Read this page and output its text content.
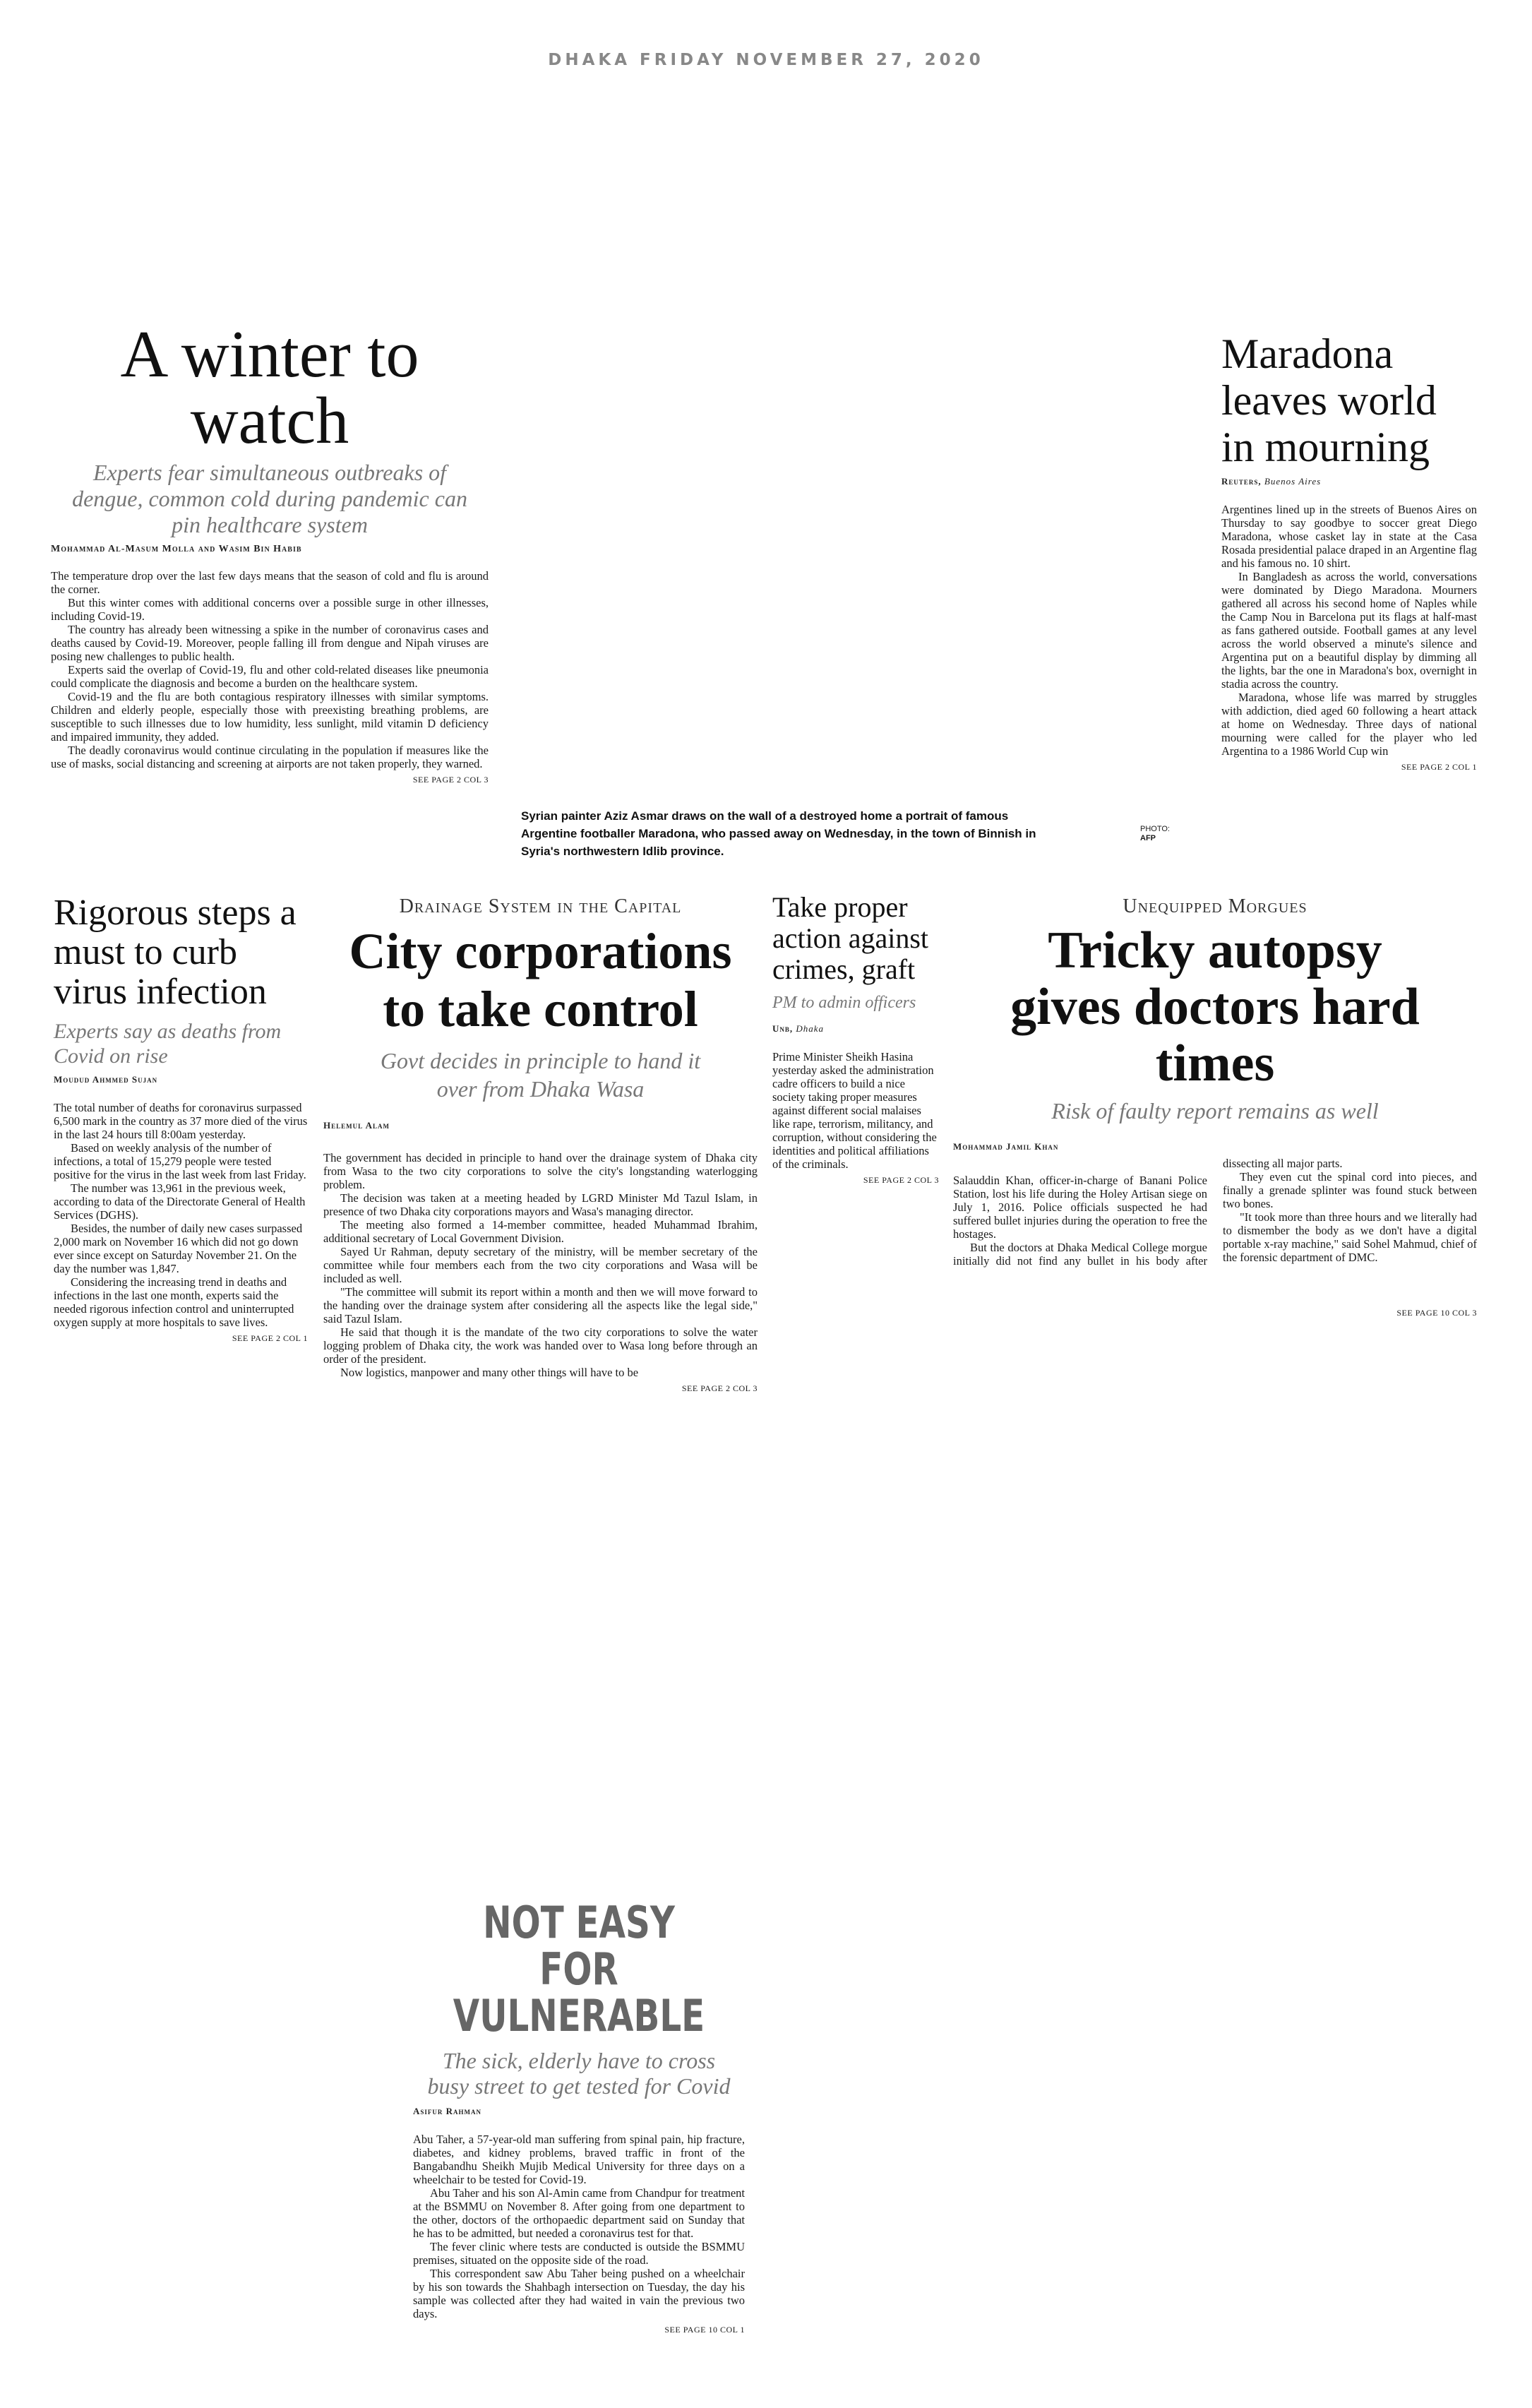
DHAKA FRIDAY NOVEMBER 27, 2020
A winter to watch

Experts fear simultaneous outbreaks of dengue, common cold during pandemic can pin healthcare system

Mohammad Al-Masum Molla and Wasim Bin Habib

The temperature drop over the last few days means that the season of cold and flu is around the corner.

But this winter comes with additional concerns over a possible surge in other illnesses, including Covid-19.

The country has already been witnessing a spike in the number of coronavirus cases and deaths caused by Covid-19. Moreover, people falling ill from dengue and Nipah viruses are posing new challenges to public health.

Experts said the overlap of Covid-19, flu and other cold-related diseases like pneumonia could complicate the diagnosis and become a burden on the healthcare system.

Covid-19 and the flu are both contagious respiratory illnesses with similar symptoms. Children and elderly people, especially those with preexisting breathing problems, are susceptible to such illnesses due to low humidity, less sunlight, mild vitamin D deficiency and impaired immunity, they added.

The deadly coronavirus would continue circulating in the population if measures like the use of masks, social distancing and screening at airports are not taken properly, they warned.

SEE PAGE 2 COL 3
Syrian painter Aziz Asmar draws on the wall of a destroyed home a portrait of famous Argentine footballer Maradona, who passed away on Wednesday, in the town of Binnish in Syria's northwestern Idlib province.
PHOTO:
AFP
Maradona leaves world in mourning

Reuters, Buenos Aires

Argentines lined up in the streets of Buenos Aires on Thursday to say goodbye to soccer great Diego Maradona, whose casket lay in state at the Casa Rosada presidential palace draped in an Argentine flag and his famous no. 10 shirt.

In Bangladesh as across the world, conversations were dominated by Diego Maradona. Mourners gathered all across his second home of Naples while the Camp Nou in Barcelona put its flags at half-mast as fans gathered outside. Football games at any level across the world observed a minute's silence and Argentina put on a beautiful display by dimming all the lights, bar the one in Maradona's box, overnight in stadia across the country.

Maradona, whose life was marred by struggles with addiction, died aged 60 following a heart attack at home on Wednesday. Three days of national mourning were called for the player who led Argentina to a 1986 World Cup win

SEE PAGE 2 COL 1
Rigorous steps a must to curb virus infection

Experts say as deaths from Covid on rise

Moudud Ahmmed Sujan

The total number of deaths for coronavirus surpassed 6,500 mark in the country as 37 more died of the virus in the last 24 hours till 8:00am yesterday.

Based on weekly analysis of the number of infections, a total of 15,279 people were tested positive for the virus in the last week from last Friday.

The number was 13,961 in the previous week, according to data of the Directorate General of Health Services (DGHS).

Besides, the number of daily new cases surpassed 2,000 mark on November 16 which did not go down ever since except on Saturday November 21. On the day the number was 1,847.

Considering the increasing trend in deaths and infections in the last one month, experts said the needed rigorous infection control and uninterrupted oxygen supply at more hospitals to save lives.

SEE PAGE 2 COL 1
Drainage System in the Capital
City corporations to take control

Govt decides in principle to hand it over from Dhaka Wasa

Helemul Alam

The government has decided in principle to hand over the drainage system of Dhaka city from Wasa to the two city corporations to solve the city's longstanding waterlogging problem.

The decision was taken at a meeting headed by LGRD Minister Md Tazul Islam, in presence of two Dhaka city corporations mayors and Wasa's managing director.

The meeting also formed a 14-member committee, headed Muhammad Ibrahim, additional secretary of Local Government Division.

Sayed Ur Rahman, deputy secretary of the ministry, will be member secretary of the committee while four members each from the two city corporations and Wasa will be included as well.

"The committee will submit its report within a month and then we will move forward to the handing over the drainage system after considering all the aspects like the legal side," said Tazul Islam.

He said that though it is the mandate of the two city corporations to solve the water logging problem of Dhaka city, the work was handed over to Wasa long before through an order of the president.

Now logistics, manpower and many other things will have to be

SEE PAGE 2 COL 3
Take proper action against crimes, graft

PM to admin officers

Unb, Dhaka

Prime Minister Sheikh Hasina yesterday asked the administration cadre officers to build a nice society taking proper measures against different social malaises like rape, terrorism, militancy, and corruption, without considering the identities and political affiliations of the criminals.

SEE PAGE 2 COL 3
Unequipped Morgues
Tricky autopsy gives doctors hard times

Risk of faulty report remains as well

Mohammad Jamil Khan

Salauddin Khan, officer-in-charge of Banani Police Station, lost his life during the Holey Artisan siege on July 1, 2016. Police officials suspected he had suffered bullet injuries during the operation to free the hostages.

But the doctors at Dhaka Medical College morgue initially did not find any bullet in his body after dissecting all major parts.

They even cut the spinal cord into pieces, and finally a grenade splinter was found stuck between two bones.

"It took more than three hours and we literally had to dismember the body as we don't have a digital portable x-ray machine," said Sohel Mahmud, chief of the forensic department of DMC.

SEE PAGE 10 COL 3
NOT EASY FOR VULNERABLE

The sick, elderly have to cross busy street to get tested for Covid

Asifur Rahman

Abu Taher, a 57-year-old man suffering from spinal pain, hip fracture, diabetes, and kidney problems, braved traffic in front of the Bangabandhu Sheikh Mujib Medical University for three days on a wheelchair to be tested for Covid-19.

Abu Taher and his son Al-Amin came from Chandpur for treatment at the BSMMU on November 8. After going from one department to the other, doctors of the orthopaedic department said on Sunday that he has to be admitted, but needed a coronavirus test for that.

The fever clinic where tests are conducted is outside the BSMMU premises, situated on the opposite side of the road.

This correspondent saw Abu Taher being pushed on a wheelchair by his son towards the Shahbagh intersection on Tuesday, the day his sample was collected after they had waited in vain the previous two days.

SEE PAGE 10 COL 1
